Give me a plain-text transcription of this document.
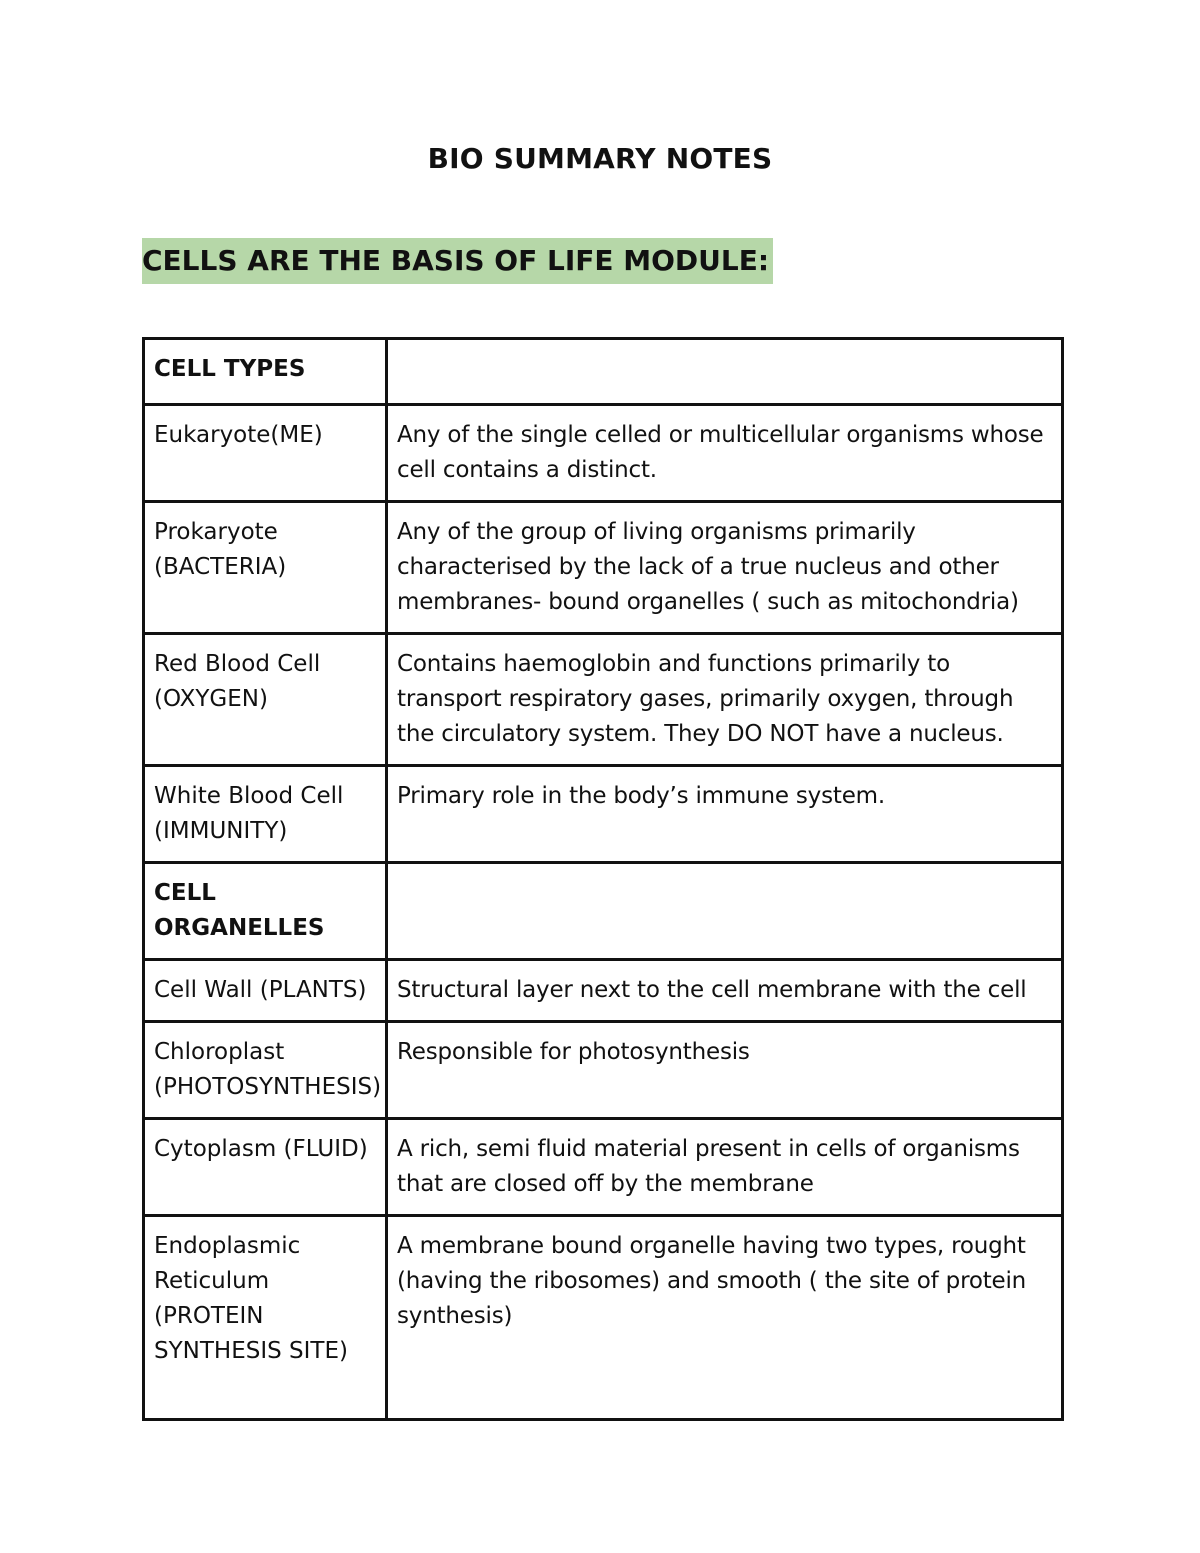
BIO SUMMARY NOTES
CELLS ARE THE BASIS OF LIFE MODULE:
CELL TYPES	
Eukaryote(ME)	Any of the single celled or multicellular organisms whose cell contains a distinct.
Prokaryote (BACTERIA)	Any of the group of living organisms primarily characterised by the lack of a true nucleus and other membranes- bound organelles ( such as mitochondria)
Red Blood Cell (OXYGEN)	Contains haemoglobin and functions primarily to transport respiratory gases, primarily oxygen, through the circulatory system. They DO NOT have a nucleus.
White Blood Cell (IMMUNITY)	Primary role in the body’s immune system.
CELL ORGANELLES	
Cell Wall (PLANTS)	Structural layer next to the cell membrane with the cell
Chloroplast (PHOTOSYNTHESIS)	Responsible for photosynthesis
Cytoplasm (FLUID)	A rich, semi fluid material present in cells of organisms that are closed off by the membrane
Endoplasmic Reticulum (PROTEIN SYNTHESIS SITE)	A membrane bound organelle having two types, rought (having the ribosomes) and smooth ( the site of protein synthesis)
